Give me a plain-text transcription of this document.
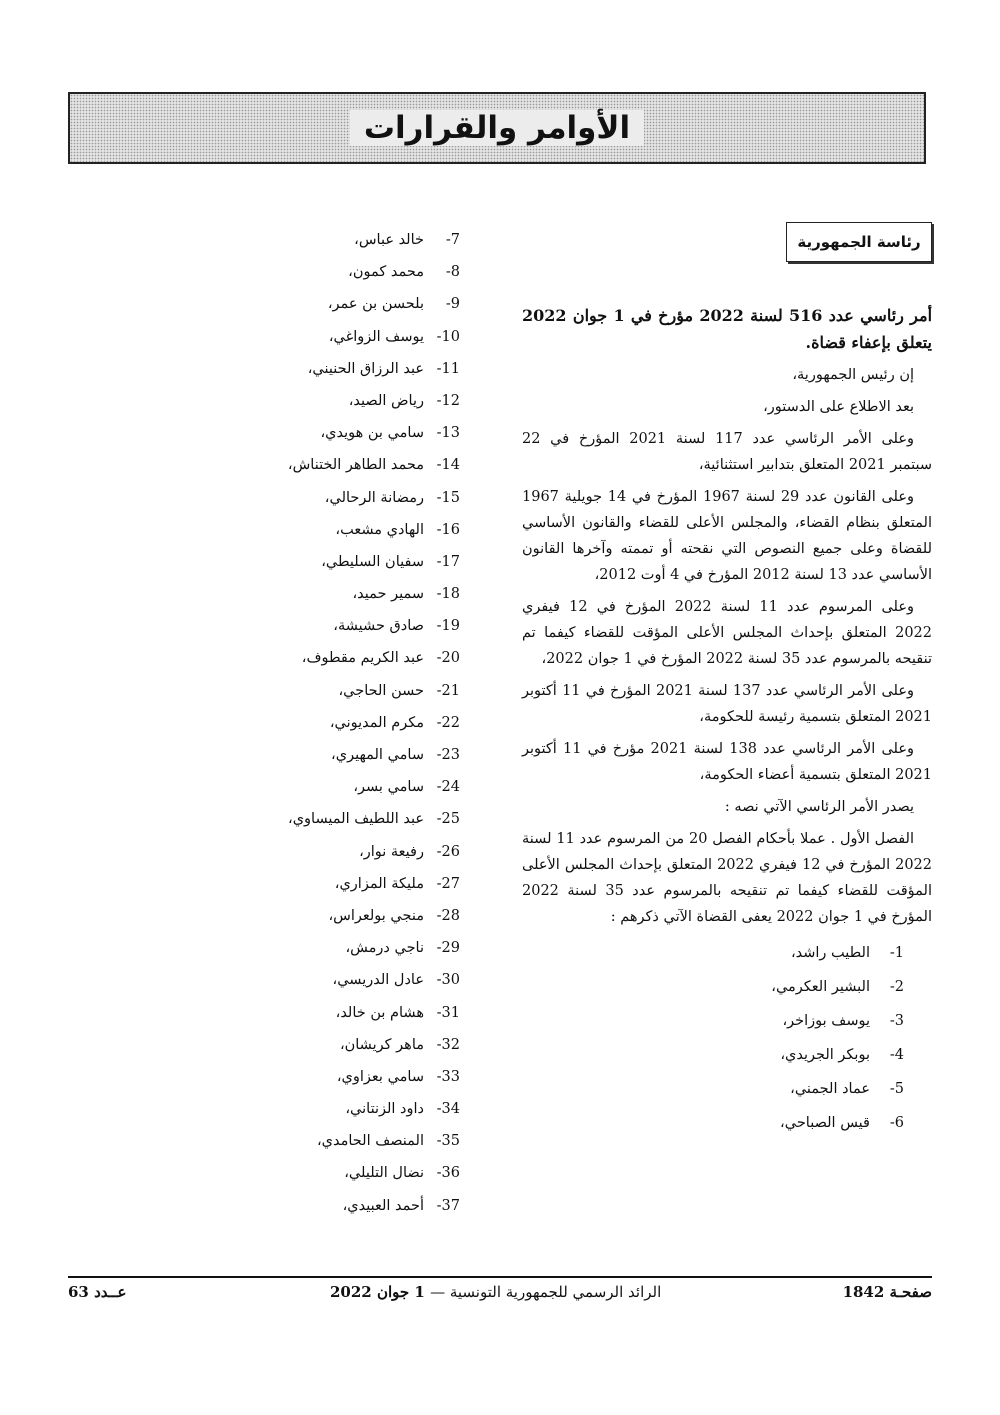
الأوامر والقرارات
رئاسة الجمهورية
أمر رئاسي عدد 516 لسنة 2022 مؤرخ في 1 جوان 2022 يتعلق بإعفاء قضاة.

إن رئيس الجمهورية،

بعد الاطلاع على الدستور،

وعلى الأمر الرئاسي عدد 117 لسنة 2021 المؤرخ في 22 سبتمبر 2021 المتعلق بتدابير استثنائية،

وعلى القانون عدد 29 لسنة 1967 المؤرخ في 14 جويلية 1967 المتعلق بنظام القضاء، والمجلس الأعلى للقضاء والقانون الأساسي للقضاة وعلى جميع النصوص التي نقحته أو تممته وآخرها القانون الأساسي عدد 13 لسنة 2012 المؤرخ في 4 أوت 2012،

وعلى المرسوم عدد 11 لسنة 2022 المؤرخ في 12 فيفري 2022 المتعلق بإحداث المجلس الأعلى المؤقت للقضاء كيفما تم تنقيحه بالمرسوم عدد 35 لسنة 2022 المؤرخ في 1 جوان 2022،

وعلى الأمر الرئاسي عدد 137 لسنة 2021 المؤرخ في 11 أكتوبر 2021 المتعلق بتسمية رئيسة للحكومة،

وعلى الأمر الرئاسي عدد 138 لسنة 2021 مؤرخ في 11 أكتوبر 2021 المتعلق بتسمية أعضاء الحكومة،

يصدر الأمر الرئاسي الآتي نصه :

الفصل الأول . عملا بأحكام الفصل 20 من المرسوم عدد 11 لسنة 2022 المؤرخ في 12 فيفري 2022 المتعلق بإحداث المجلس الأعلى المؤقت للقضاء كيفما تم تنقيحه بالمرسوم عدد 35 لسنة 2022 المؤرخ في 1 جوان 2022 يعفى القضاة الآتي ذكرهم :

1-الطيب راشد،
2-البشير العكرمي،
3-يوسف بوزاخر،
4-بوبكر الجريدي،
5-عماد الجمني،
6-قيس الصباحي،
7-خالد عباس،
8-محمد كمون،
9-بلحسن بن عمر،
10-يوسف الزواغي،
11-عبد الرزاق الحنيني،
12-رياض الصيد،
13-سامي بن هويدي،
14-محمد الطاهر الختناش،
15-رمضانة الرحالي،
16-الهادي مشعب،
17-سفيان السليطي،
18-سمير حميد،
19-صادق حشيشة،
20-عبد الكريم مقطوف،
21-حسن الحاجي،
22-مكرم المديوني،
23-سامي المهيري،
24-سامي بسر،
25-عبد اللطيف الميساوي،
26-رفيعة نوار،
27-مليكة المزاري،
28-منجي بولعراس،
29-ناجي درمش،
30-عادل الدريسي،
31-هشام بن خالد،
32-ماهر كريشان،
33-سامي بعزاوي،
34-داود الزنتاني،
35-المنصف الحامدي،
36-نضال التليلي،
37-أحمد العبيدي،
صفحـة 1842
الرائد الرسمي للجمهورية التونسية — 1 جوان 2022
عــدد 63
